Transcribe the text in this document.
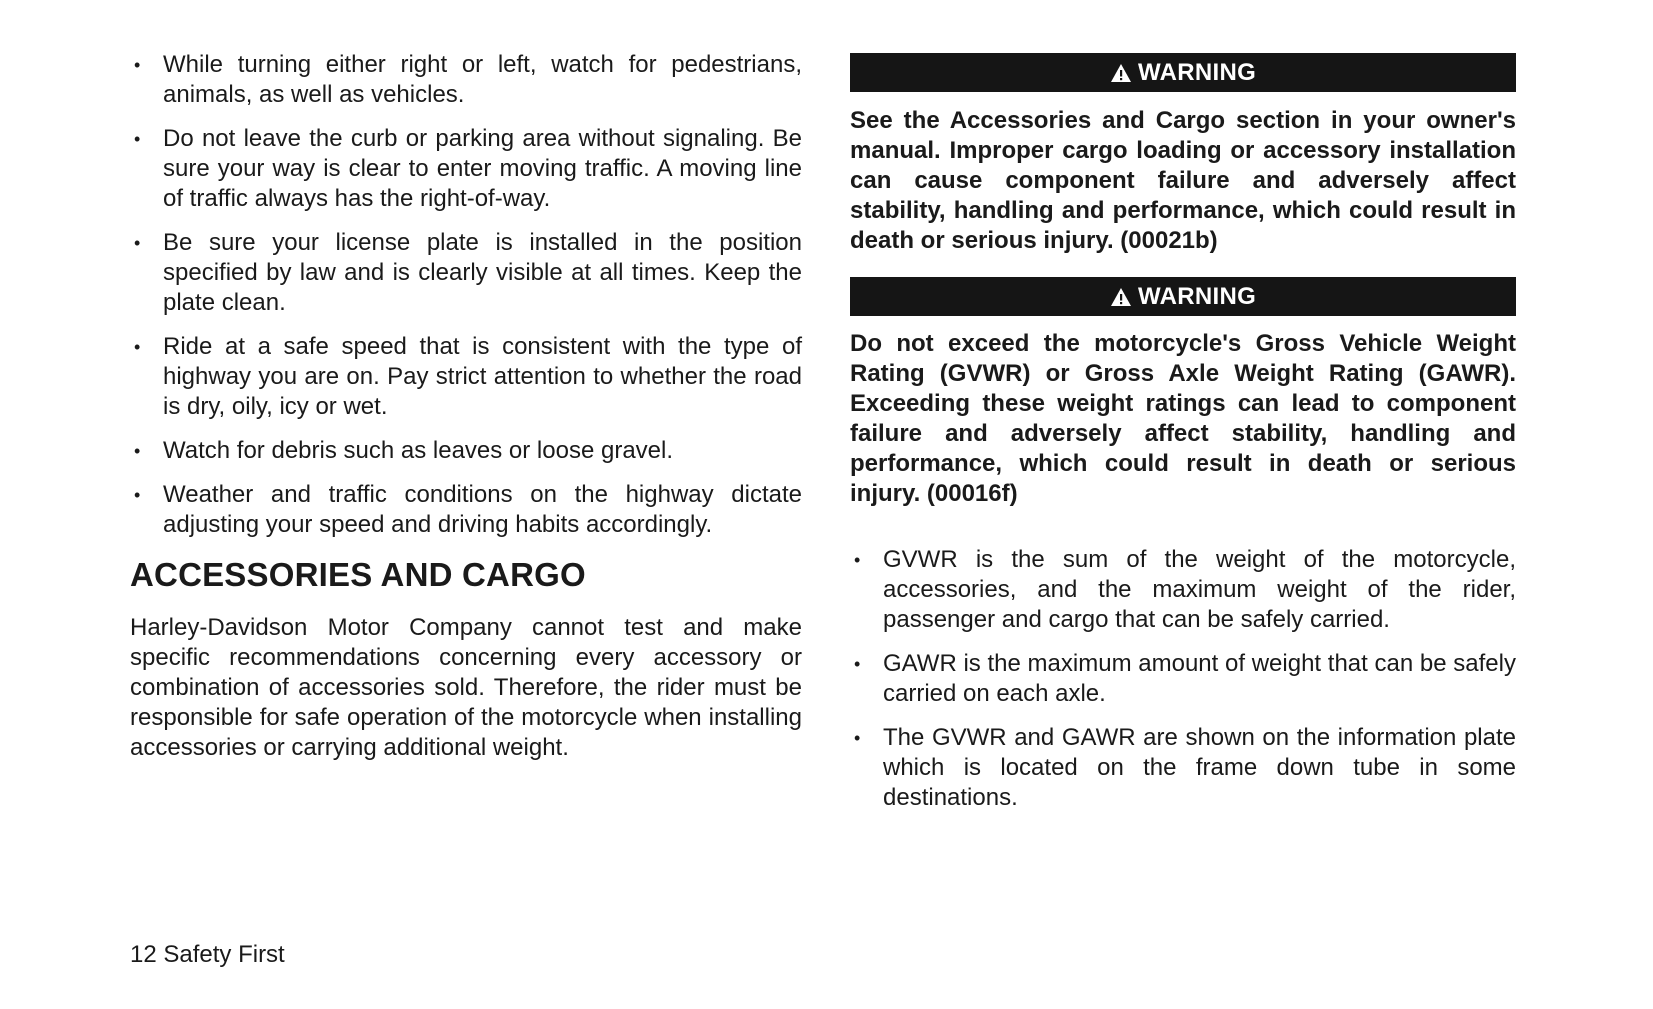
• While turning either right or left, watch for pedestrians, animals, as well as vehicles.
• Do not leave the curb or parking area without signaling. Be sure your way is clear to enter moving traffic. A moving line of traffic always has the right-of-way.
• Be sure your license plate is installed in the position specified by law and is clearly visible at all times. Keep the plate clean.
• Ride at a safe speed that is consistent with the type of highway you are on. Pay strict attention to whether the road is dry, oily, icy or wet.
• Watch for debris such as leaves or loose gravel.
• Weather and traffic conditions on the highway dictate adjusting your speed and driving habits accordingly.
ACCESSORIES AND CARGO

Harley-Davidson Motor Company cannot test and make specific recommendations concerning every accessory or combination of accessories sold. Therefore, the rider must be responsible for safe operation of the motorcycle when installing accessories or carrying additional weight.

WARNING

See the Accessories and Cargo section in your owner's manual. Improper cargo loading or accessory installation can cause component failure and adversely affect stability, handling and performance, which could result in death or serious injury. (00021b)

WARNING

Do not exceed the motorcycle's Gross Vehicle Weight Rating (GVWR) or Gross Axle Weight Rating (GAWR). Exceeding these weight ratings can lead to component failure and adversely affect stability, handling and performance, which could result in death or serious injury. (00016f)

• GVWR is the sum of the weight of the motorcycle, accessories, and the maximum weight of the rider, passenger and cargo that can be safely carried.
• GAWR is the maximum amount of weight that can be safely carried on each axle.
• The GVWR and GAWR are shown on the information plate which is located on the frame down tube in some destinations.
12 Safety First
